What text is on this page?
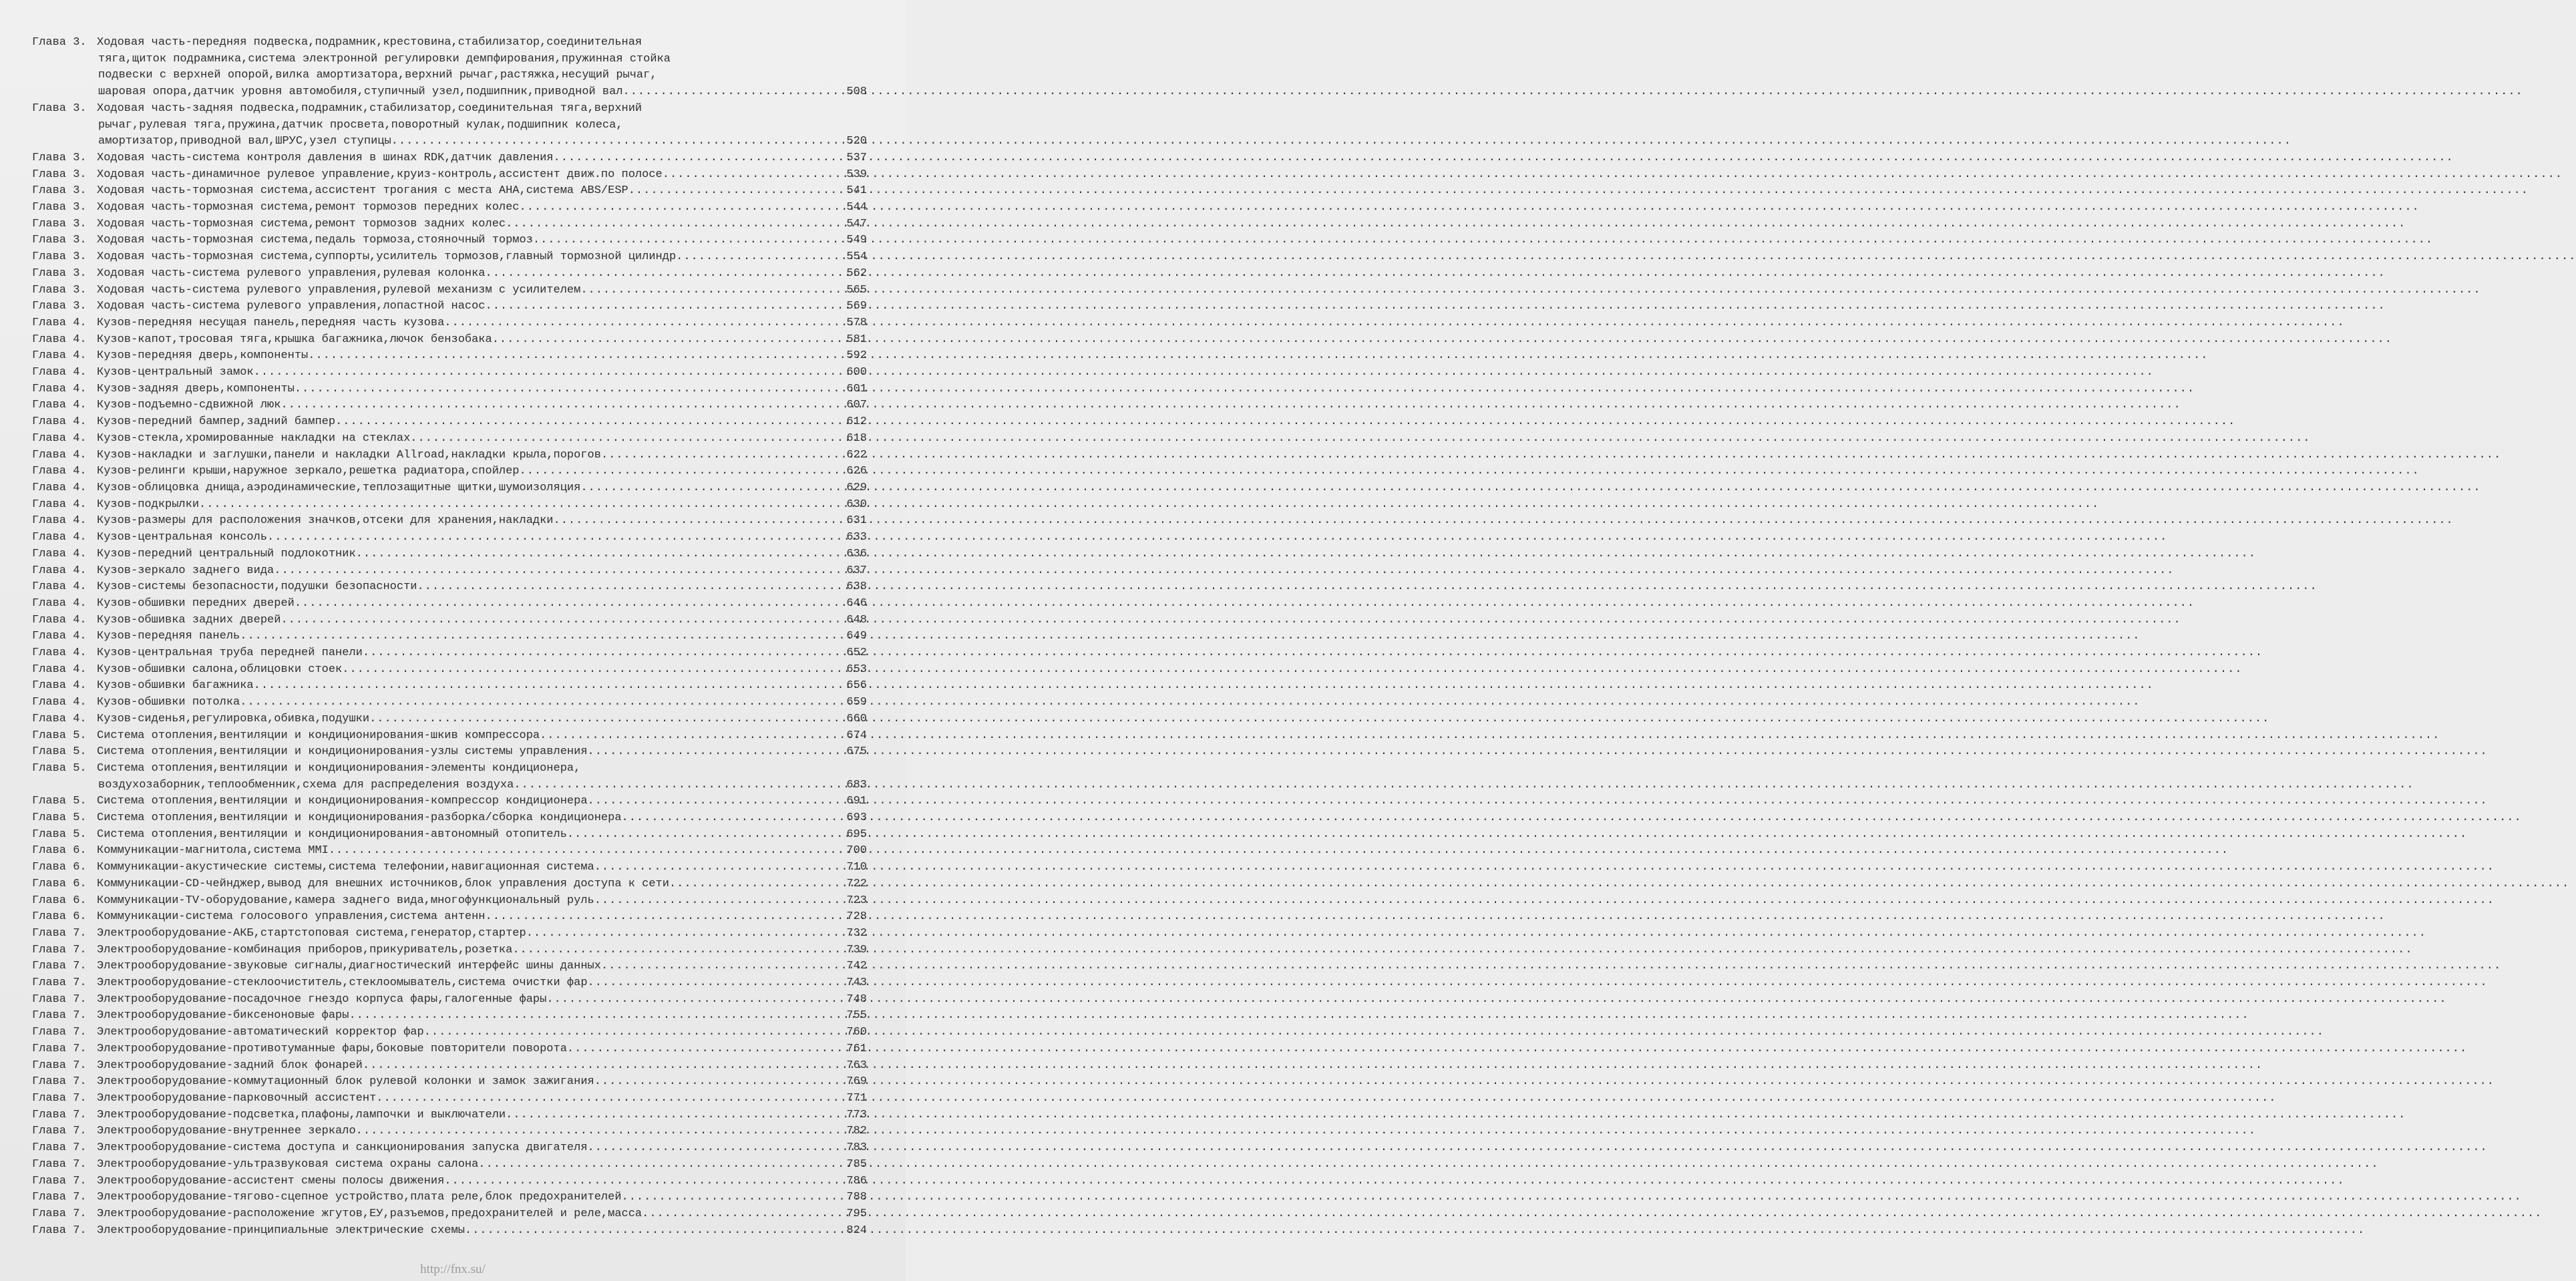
Глава 3. Ходовая часть-передняя подвеска,подрамник,крестовина,стабилизатор,соединительная
тяга,щиток подрамника,система электронной регулировки демпфирования,пружинная стойка
подвески с верхней опорой,вилка амортизатора,верхний рычаг,растяжка,несущий рычаг,
шаровая опора,датчик уровня автомобиля,ступичный узел,подшипник,приводной вал .....	508
Глава 3. Ходовая часть-задняя подвеска,подрамник,стабилизатор,соединительная тяга,верхний
рычаг,рулевая тяга,пружина,датчик просвета,поворотный кулак,подшипник колеса,
амортизатор,приводной вал,ШРУС,узел ступицы .....	520
Глава 3. Ходовая часть-система контроля давления в шинах RDK,датчик давления .....	537
Глава 3. Ходовая часть-динамичное рулевое управление,круиз-контроль,ассистент движ.по полосе .....	539
Глава 3. Ходовая часть-тормозная система,ассистент трогания с места AHA,система ABS/ESP .....	541
Глава 3. Ходовая часть-тормозная система,ремонт тормозов передних колес .....	544
Глава 3. Ходовая часть-тормозная система,ремонт тормозов задних колес .....	547
Глава 3. Ходовая часть-тормозная система,педаль тормоза,стояночный тормоз .....	549
Глава 3. Ходовая часть-тормозная система,суппорты,усилитель тормозов,главный тормозной цилиндр .....	554
Глава 3. Ходовая часть-система рулевого управления,рулевая колонка .....	562
Глава 3. Ходовая часть-система рулевого управления,рулевой механизм с усилителем .....	565
Глава 3. Ходовая часть-система рулевого управления,лопастной насос .....	569
Глава 4. Кузов-передняя несущая панель,передняя часть кузова .....	578
Глава 4. Кузов-капот,тросовая тяга,крышка багажника,лючок бензобака .....	581
Глава 4. Кузов-передняя дверь,компоненты .....	592
Глава 4. Кузов-центральный замок .....	600
Глава 4. Кузов-задняя дверь,компоненты .....	601
Глава 4. Кузов-подъемно-сдвижной люк .....	607
Глава 4. Кузов-передний бампер,задний бампер .....	612
Глава 4. Кузов-стекла,хромированные накладки на стеклах .....	618
Глава 4. Кузов-накладки и заглушки,панели и накладки Allroad,накладки крыла,порогов .....	622
Глава 4. Кузов-релинги крыши,наружное зеркало,решетка радиатора,спойлер .....	626
Глава 4. Кузов-облицовка днища,аэродинамические,теплозащитные щитки,шумоизоляция .....	629
Глава 4. Кузов-подкрылки .....	630
Глава 4. Кузов-размеры для расположения значков,отсеки для хранения,накладки .....	631
Глава 4. Кузов-центральная консоль .....	633
Глава 4. Кузов-передний центральный подлокотник .....	636
Глава 4. Кузов-зеркало заднего вида .....	637
Глава 4. Кузов-системы безопасности,подушки безопасности .....	638
Глава 4. Кузов-обшивки передних дверей .....	646
Глава 4. Кузов-обшивка задних дверей .....	648
Глава 4. Кузов-передняя панель .....	649
Глава 4. Кузов-центральная труба передней панели .....	652
Глава 4. Кузов-обшивки салона,облицовки стоек .....	653
Глава 4. Кузов-обшивки багажника .....	656
Глава 4. Кузов-обшивки потолка .....	659
Глава 4. Кузов-сиденья,регулировка,обивка,подушки .....	660
Глава 5. Система отопления,вентиляции и кондиционирования-шкив компрессора .....	674
Глава 5. Система отопления,вентиляции и кондиционирования-узлы системы управления .....	675
Глава 5. Система отопления,вентиляции и кондиционирования-элементы кондиционера,
воздухозаборник,теплообменник,схема для распределения воздуха .....	683
Глава 5. Система отопления,вентиляции и кондиционирования-компрессор кондиционера .....	691
Глава 5. Система отопления,вентиляции и кондиционирования-разборка/сборка кондиционера .....	693
Глава 5. Система отопления,вентиляции и кондиционирования-автономный отопитель .....	695
Глава 6. Коммуникации-магнитола,система MMI .....	700
Глава 6. Коммуникации-акустические системы,система телефонии,навигационная система .....	710
Глава 6. Коммуникации-CD-чейнджер,вывод для внешних источников,блок управления доступа к сети .....	722
Глава 6. Коммуникации-TV-оборудование,камера заднего вида,многофункциональный руль .....	723
Глава 6. Коммуникации-система голосового управления,система антенн .....	728
Глава 7. Электрооборудование-АКБ,стартстоповая система,генератор,стартер .....	732
Глава 7. Электрооборудование-комбинация приборов,прикуриватель,розетка .....	739
Глава 7. Электрооборудование-звуковые сигналы,диагностический интерфейс шины данных .....	742
Глава 7. Электрооборудование-стеклоочиститель,стеклоомыватель,система очистки фар .....	743
Глава 7. Электрооборудование-посадочное гнездо корпуса фары,галогенные фары .....	748
Глава 7. Электрооборудование-биксеноновые фары .....	755
Глава 7. Электрооборудование-автоматический корректор фар .....	760
Глава 7. Электрооборудование-противотуманные фары,боковые повторители поворота .....	761
Глава 7. Электрооборудование-задний блок фонарей .....	763
Глава 7. Электрооборудование-коммутационный блок рулевой колонки и замок зажигания .....	769
Глава 7. Электрооборудование-парковочный ассистент .....	771
Глава 7. Электрооборудование-подсветка,плафоны,лампочки и выключатели .....	773
Глава 7. Электрооборудование-внутреннее зеркало .....	782
Глава 7. Электрооборудование-система доступа и санкционирования запуска двигателя .....	783
Глава 7. Электрооборудование-ультразвуковая система охраны салона .....	785
Глава 7. Электрооборудование-ассистент смены полосы движения .....	786
Глава 7. Электрооборудование-тягово-сцепное устройство,плата реле,блок предохранителей .....	788
Глава 7. Электрооборудование-расположение жгутов,ЕУ,разъемов,предохранителей и реле,масса .....	795
Глава 7. Электрооборудование-принципиальные электрические схемы .....	824
http://fnx.su/
